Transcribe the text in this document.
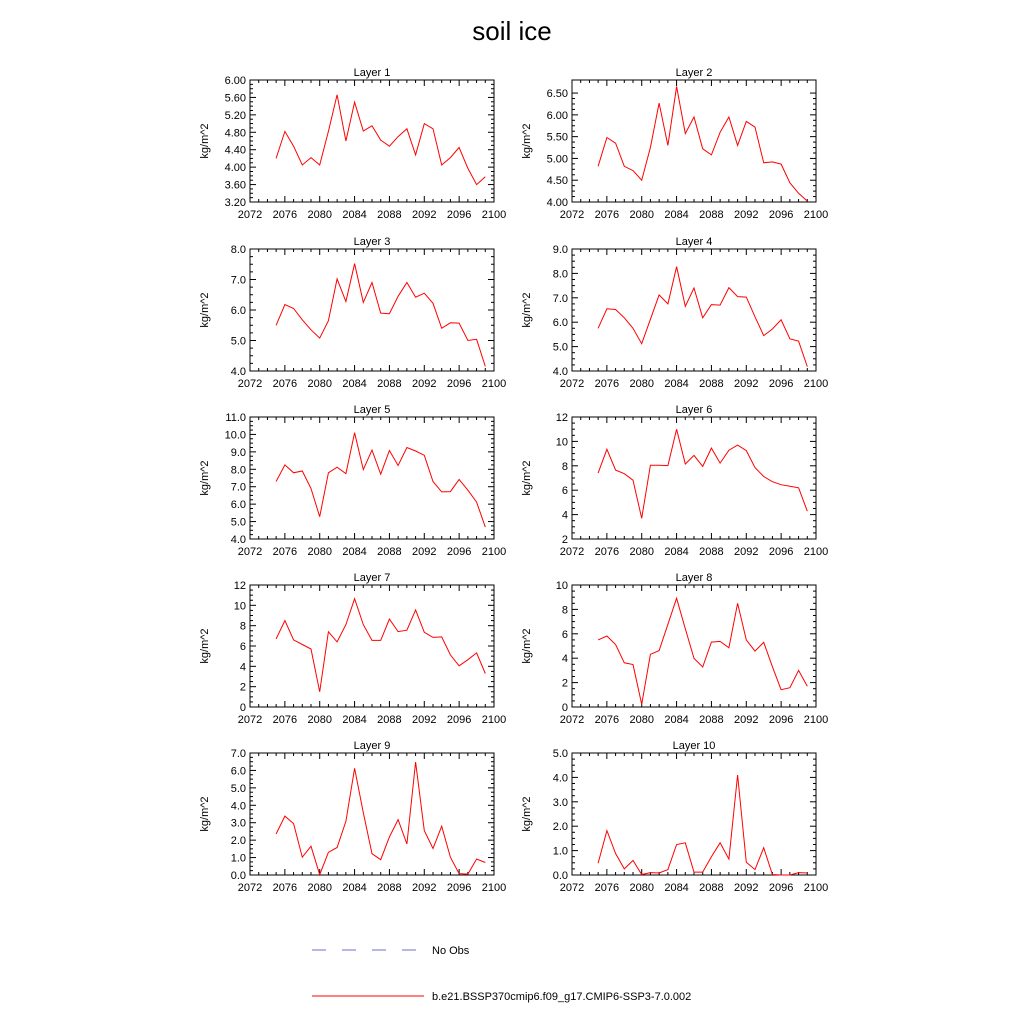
soil ice
Layer 1
2072 2076 2080 2084 2088 2092 2096 2100
3.20
3.60
4.00
4.40
4.80
5.20
5.60
6.00
kg/m^2
Layer 2
2072 2076 2080 2084 2088 2092 2096 2100
4.00
4.50
5.00
5.50
6.00
6.50
kg/m^2
Layer 3
2072 2076 2080 2084 2088 2092 2096 2100
4.0
5.0
6.0
7.0
8.0
kg/m^2
Layer 4
2072 2076 2080 2084 2088 2092 2096 2100
4.0
5.0
6.0
7.0
8.0
9.0
kg/m^2
Layer 5
2072 2076 2080 2084 2088 2092 2096 2100
4.0
5.0
6.0
7.0
8.0
9.0
10.0
11.0
kg/m^2
Layer 6
2072 2076 2080 2084 2088 2092 2096 2100
2
4
6
8
10
12
kg/m^2
Layer 7
2072 2076 2080 2084 2088 2092 2096 2100
0
2
4
6
8
10
12
kg/m^2
Layer 8
2072 2076 2080 2084 2088 2092 2096 2100
0
2
4
6
8
10
kg/m^2
Layer 9
2072 2076 2080 2084 2088 2092 2096 2100
0.0
1.0
2.0
3.0
4.0
5.0
6.0
7.0
kg/m^2
Layer 10
2072 2076 2080 2084 2088 2092 2096 2100
0.0
1.0
2.0
3.0
4.0
5.0
kg/m^2
No Obs
b.e21.BSSP370cmip6.f09_g17.CMIP6-SSP3-7.0.002
